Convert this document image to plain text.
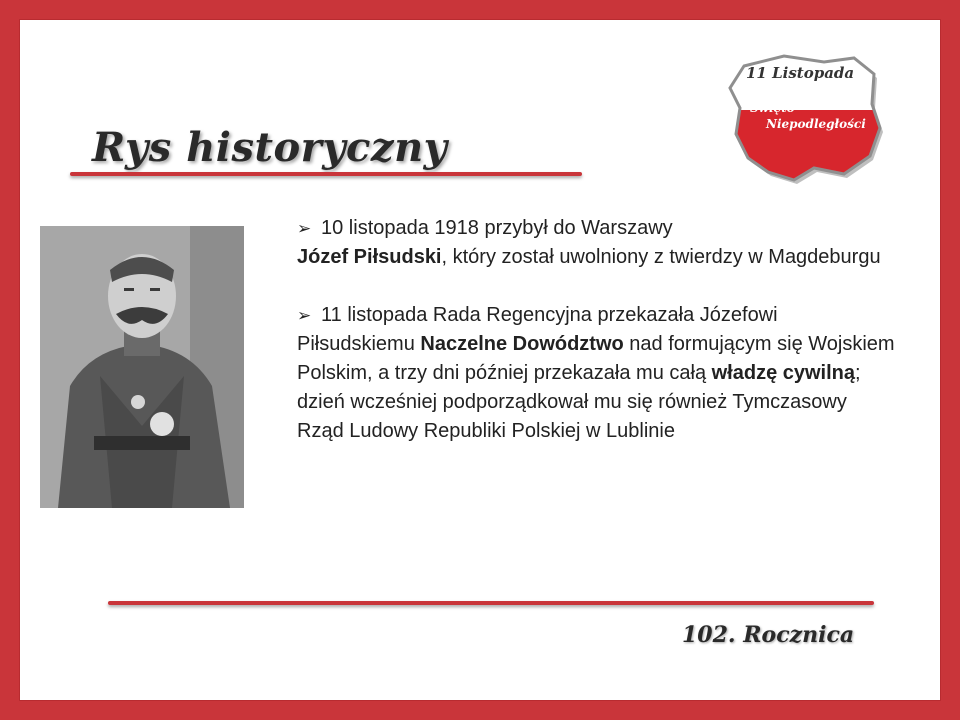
Rys historyczny
11 Listopada
Święto
Niepodległości

➢ 10 listopada 1918 przybył do Warszawy
Józef Piłsudski, który został uwolniony z twierdzy w Magdeburgu

➢ 11 listopada Rada Regencyjna przekazała Józefowi Piłsudskiemu Naczelne Dowództwo nad formującym się Wojskiem Polskim, a trzy dni później przekazała mu całą władzę cywilną; dzień wcześniej podporządkował mu się również Tymczasowy Rząd Ludowy Republiki Polskiej w Lublinie

102. Rocznica
